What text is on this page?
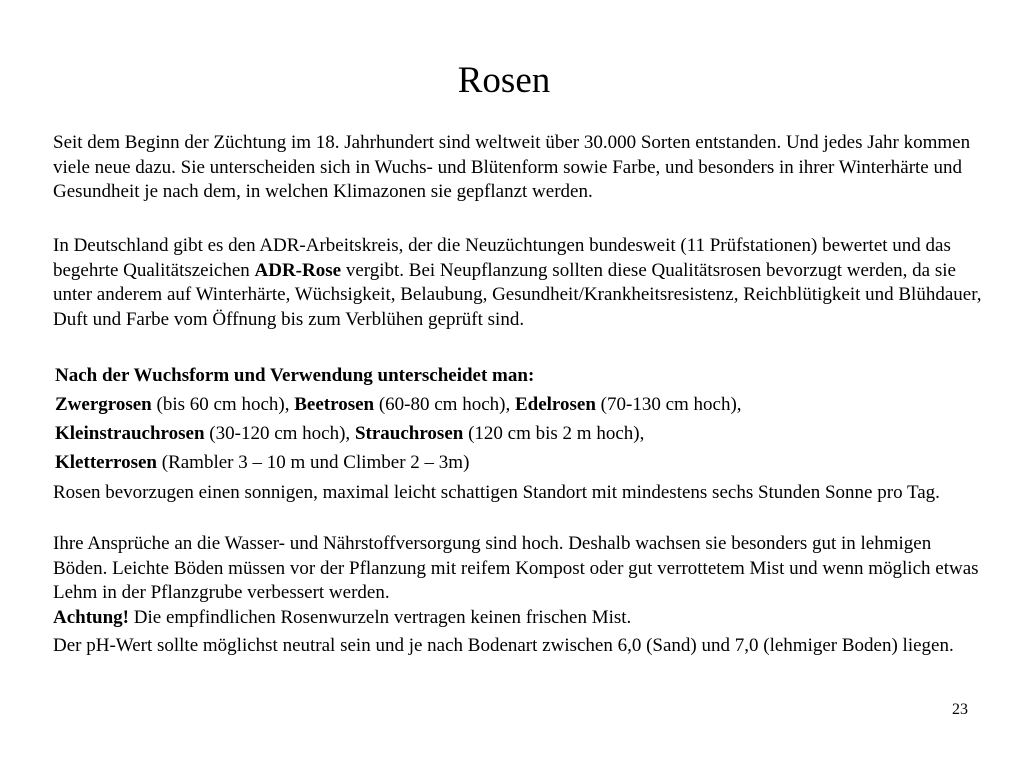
Rosen

Seit dem Beginn der Züchtung im 18. Jahrhundert sind weltweit über 30.000 Sorten entstanden. Und jedes Jahr kommen viele neue dazu. Sie unterscheiden sich in Wuchs- und Blütenform sowie Farbe, und besonders in ihrer Winterhärte und Gesundheit je nach dem, in welchen Klimazonen sie gepflanzt werden.

In Deutschland gibt es den ADR-Arbeitskreis, der die Neuzüchtungen bundesweit (11 Prüfstationen) bewertet und das begehrte Qualitätszeichen ADR-Rose vergibt. Bei Neupflanzung sollten diese Qualitätsrosen bevorzugt werden, da sie unter anderem auf Winterhärte, Wüchsigkeit, Belaubung, Gesundheit/Krankheitsresistenz, Reichblütigkeit und Blühdauer, Duft und Farbe vom Öffnung bis zum Verblühen geprüft sind.

Nach der Wuchsform und Verwendung unterscheidet man:
Zwergrosen (bis 60 cm hoch), Beetrosen (60-80 cm hoch), Edelrosen (70-130 cm hoch),
Kleinstrauchrosen (30-120 cm hoch), Strauchrosen (120 cm bis 2 m hoch),
Kletterrosen (Rambler 3 – 10 m und Climber 2 – 3m)

Rosen bevorzugen einen sonnigen, maximal leicht schattigen Standort mit mindestens sechs Stunden Sonne pro Tag.

Ihre Ansprüche an die Wasser- und Nährstoffversorgung sind hoch. Deshalb wachsen sie besonders gut in lehmigen Böden. Leichte Böden müssen vor der Pflanzung mit reifem Kompost oder gut verrottetem Mist und wenn möglich etwas Lehm in der Pflanzgrube verbessert werden.

Achtung! Die empfindlichen Rosenwurzeln vertragen keinen frischen Mist.

Der pH-Wert sollte möglichst neutral sein und je nach Bodenart zwischen 6,0 (Sand) und 7,0 (lehmiger Boden) liegen.

23
